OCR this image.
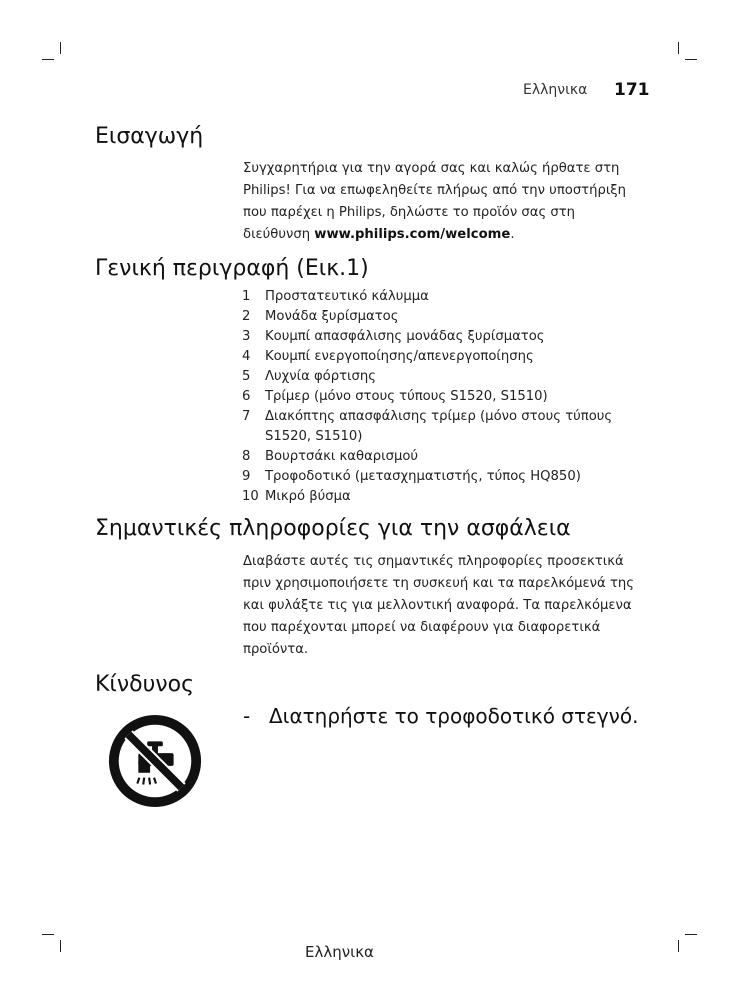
Ελληνικα 171
Εισαγωγή

Συγχαρητήρια για την αγορά σας και καλώς ήρθατε στη Philips! Για να επωφεληθείτε πλήρως από την υποστήριξη που παρέχει η Philips, δηλώστε το προϊόν σας στη διεύθυνση www.philips.com/welcome.

Γενική περιγραφή (Εικ.1)
1	Προστατευτικό κάλυμμα
2	Μονάδα ξυρίσματος
3	Κουμπί απασφάλισης μονάδας ξυρίσματος
4	Κουμπί ενεργοποίησης/απενεργοποίησης
5	Λυχνία φόρτισης
6	Τρίμερ (μόνο στους τύπους S1520, S1510)
7	Διακόπτης απασφάλισης τρίμερ (μόνο στους τύπους S1520, S1510)
8	Βουρτσάκι καθαρισμού
9	Τροφοδοτικό (μετασχηματιστής, τύπος HQ850)
10 Μικρό βύσμα
Σημαντικές πληροφορίες για την ασφάλεια

Διαβάστε αυτές τις σημαντικές πληροφορίες προσεκτικά πριν χρησιμοποιήσετε τη συσκευή και τα παρελκόμενά της και φυλάξτε τις για μελλοντική αναφορά. Τα παρελκόμενα που παρέχονται μπορεί να διαφέρουν για διαφορετικά προϊόντα.

Κίνδυνος
- Διατηρήστε το τροφοδοτικό στεγνό.
Ελληνικα
